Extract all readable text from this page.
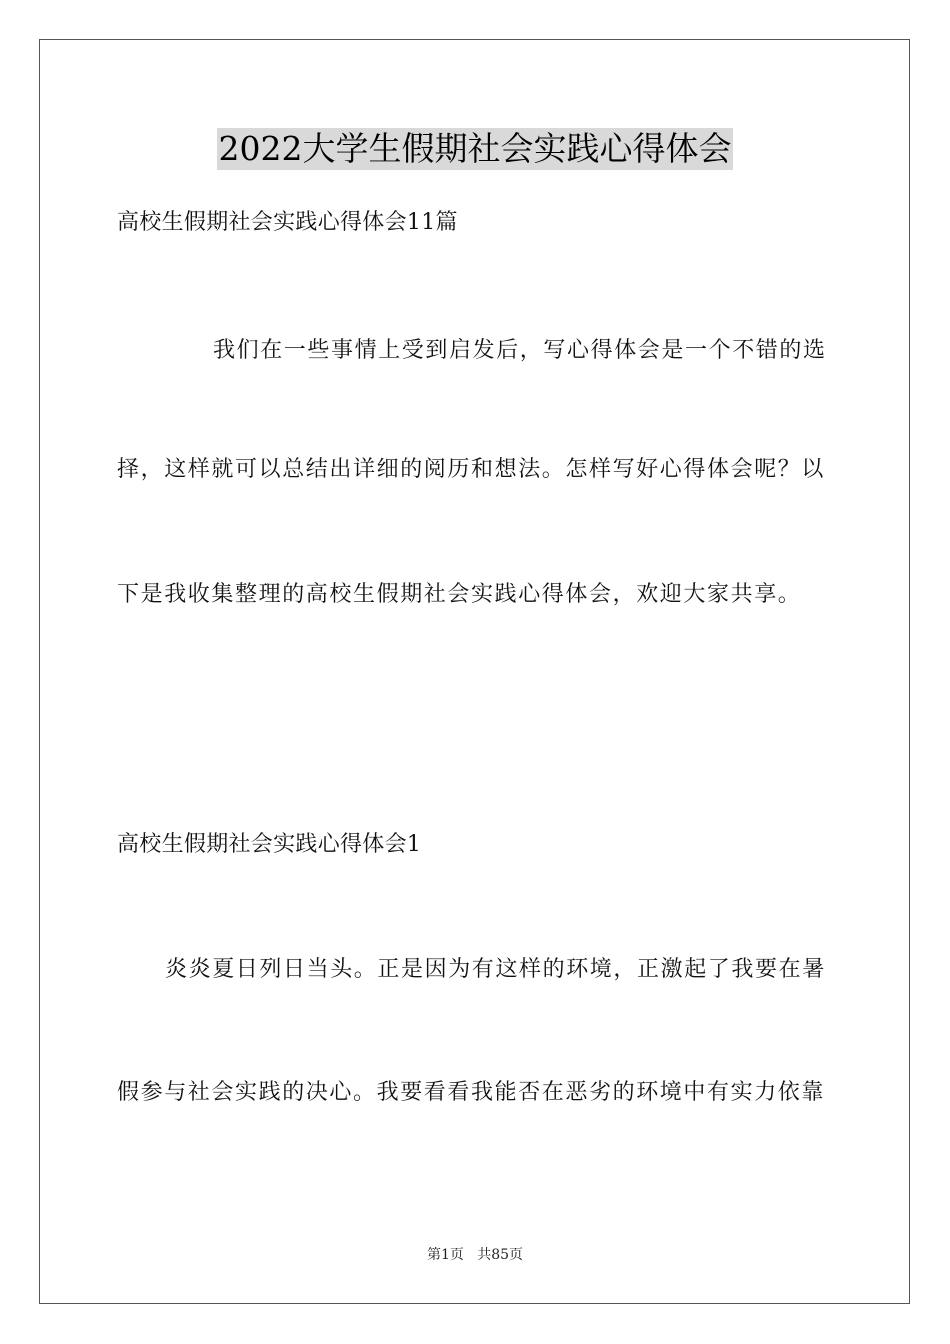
2022大学生假期社会实践心得体会
高校生假期社会实践心得体会11篇
我们在一些事情上受到启发后，写心得体会是一个不错的选
择，这样就可以总结出详细的阅历和想法。怎样写好心得体会呢？以
下是我收集整理的高校生假期社会实践心得体会，欢迎大家共享。
高校生假期社会实践心得体会1
炎炎夏日列日当头。正是因为有这样的环境，正激起了我要在暑
假参与社会实践的决心。我要看看我能否在恶劣的环境中有实力依靠
第1页   共85页
